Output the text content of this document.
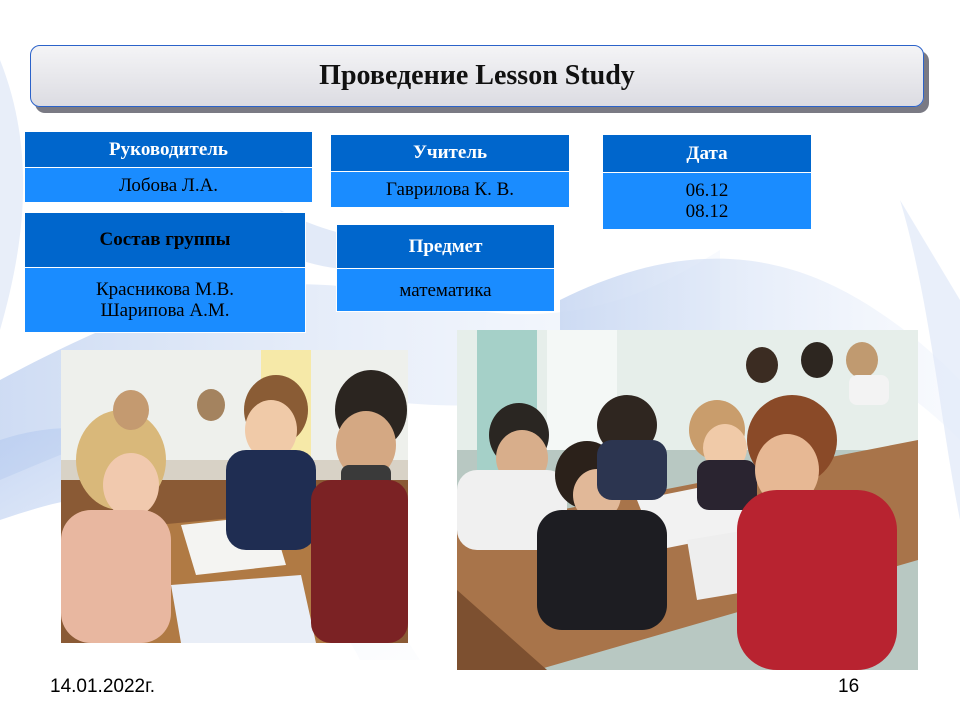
Проведение Lesson Study
Руководитель
Лобова Л.А.
Учитель
Гаврилова К. В.
Дата
06.12
08.12
Состав группы
Красникова М.В.
Шарипова А.М.
Предмет
математика
14.01.2022г.	16
